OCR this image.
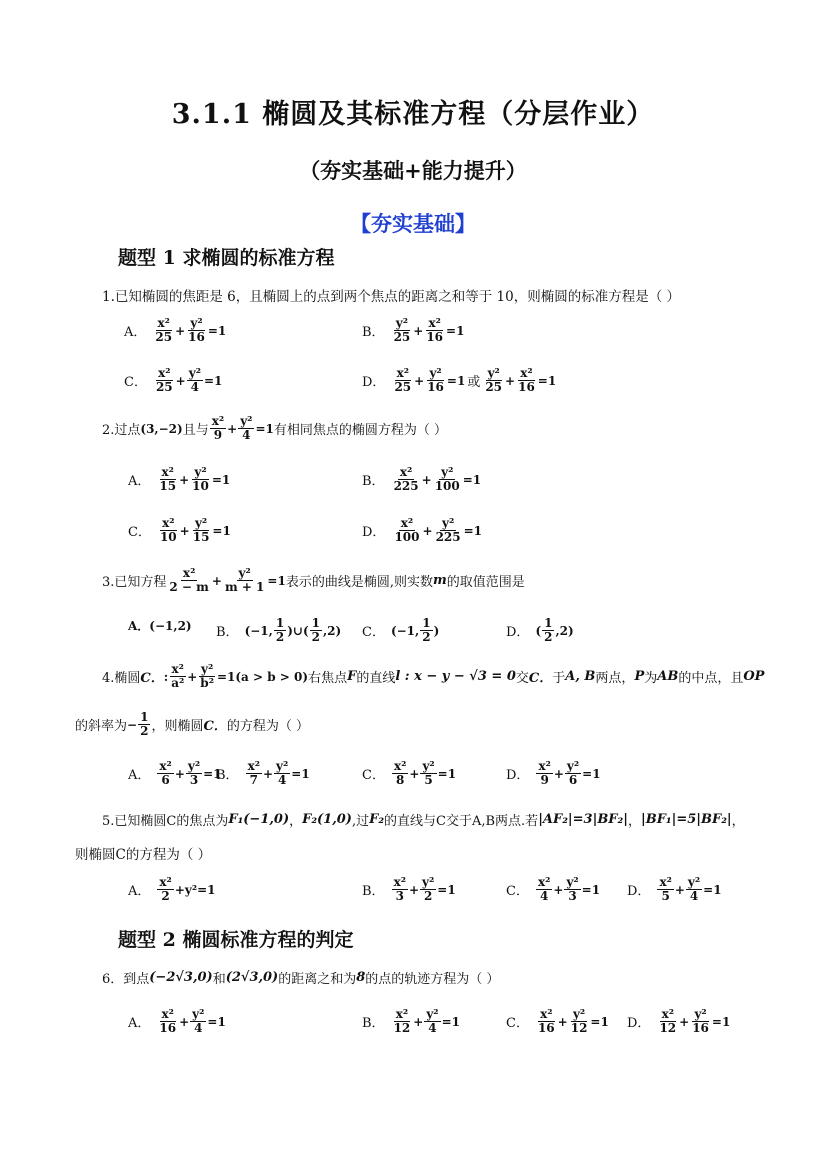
3.1.1 椭圆及其标准方程（分层作业）
（夯实基础+能力提升）
【夯实基础】
题型 1 求椭圆的标准方程
1.已知椭圆的焦距是 6，且椭圆上的点到两个焦点的距离之和等于 10，则椭圆的标准方程是（ ）
A． $\frac{\text{x²}}{25} + \frac{\text{y²}}{16} =1$	B． $\frac{\text{y²}}{25} + \frac{\text{x²}}{16} =1$
C． $\frac{\text{x²}}{25} + \frac{\text{y²}}{4} =1$	D． $\frac{\text{x²}}{25} + \frac{\text{y²}}{16} =1$ 或 $\frac{\text{y²}}{25} + \frac{\text{x²}}{16} =1$
2.过点 (3,−2) 且与 $\frac{\text{x²}}{9} + \frac{\text{y²}}{4} =1$ 有相同焦点的椭圆方程为（ ）
A． $\frac{\text{x²}}{15} + \frac{\text{y²}}{10} =1$	B． $\frac{\text{x²}}{225} + \frac{\text{y²}}{100} =1$
C． $\frac{\text{x²}}{10} + \frac{\text{y²}}{15} =1$	D． $\frac{\text{x²}}{100} + \frac{\text{y²}}{225} =1$
3.已知方程 $\frac{\text{x²}}{2 - m} + \frac{\text{y²}}{m + 1} =1$ 表示的曲线是椭圆,则实数 m 的取值范围是
A．(−1,2) B． (−1, $\frac{1}{2}$ ) ∪ ( $\frac{1}{2} ,2$) C． (−1, $\frac{1}{2}$ )	D． ( $\frac{1}{2} ,2$)
4.椭圆 C． : $\frac{\text{x²}}{\text{a²}} + \frac{\text{y²}}{\text{b²}} =1(a > b > 0)$ 右焦点 F 的直线 l : x − y − √3 = 0 交 C． 于 A, B 两点， P 为 AB 的中点，且 OP
的斜率为 − $\frac{1}{2}$ ，则椭圆 C． 的方程为（ ）
A． $\frac{\text{x²}}{6} + \frac{\text{y²}}{3} =1$
B． $\frac{\text{x²}}{7} + \frac{\text{y²}}{4} =1$	C． $\frac{\text{x²}}{8} + \frac{\text{y²}}{5} =1$	D． $\frac{\text{x²}}{9} + \frac{\text{y²}}{6} =1$
5.已知椭圆C的焦点为 F₁(−1,0) ， F₂(1,0) ,过 F₂ 的直线与C交于A,B两点.若 |AF₂|=3|BF₂| ， |BF₁|=5|BF₂| ，
则椭圆C的方程为（ ）
A． $\frac{\text{x²}}{2} + y^2 =1$	B． $\frac{\text{x²}}{3} + \frac{\text{y²}}{2} =1$	C． $\frac{\text{x²}}{4} + \frac{\text{y²}}{3} =1$ D． $\frac{\text{x²}}{5} + \frac{\text{y²}}{4} =1$
题型 2 椭圆标准方程的判定
6．到点 (−2√3,0) 和 (2√3,0) 的距离之和为 8 的点的轨迹方程为（ ）
A． $\frac{\text{x²}}{16} + \frac{\text{y²}}{4} =1$	B． $\frac{\text{x²}}{12} + \frac{\text{y²}}{4} =1$	C． $\frac{\text{x²}}{16} + \frac{\text{y²}}{12} =1$ D． $\frac{\text{x²}}{12} + \frac{\text{y²}}{16} =1$
